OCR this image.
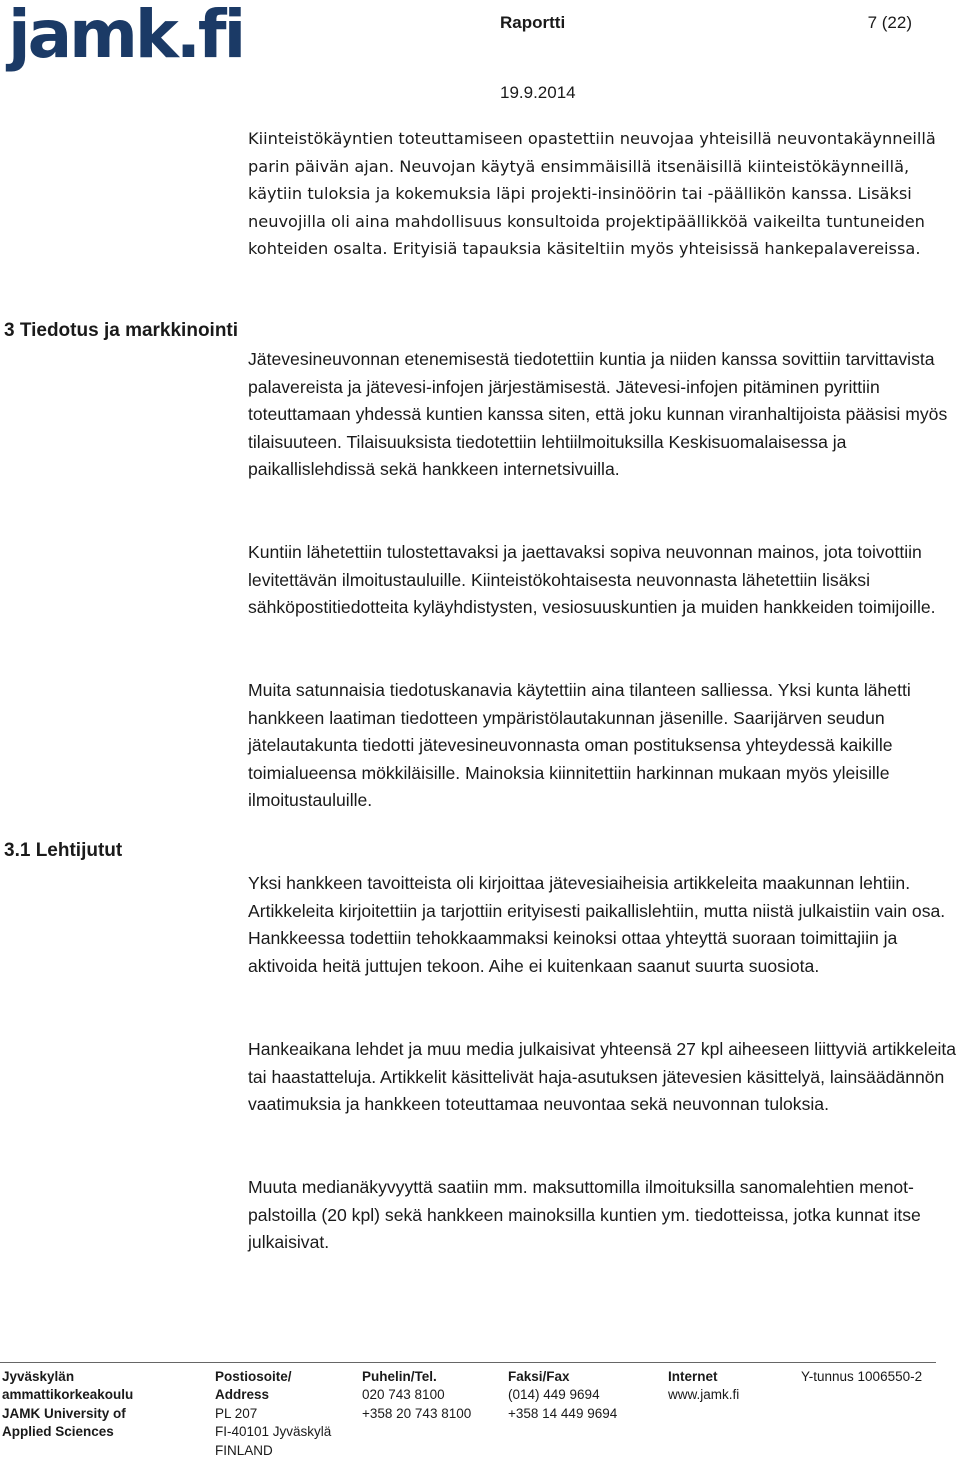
jamk.fi	Raportti	7 (22)
19.9.2014

Kiinteistökäyntien toteuttamiseen opastettiin neuvojaa yhteisillä neuvontakäynneillä parin päivän ajan. Neuvojan käytyä ensimmäisillä itsenäisillä kiinteistökäynneillä, käytiin tuloksia ja kokemuksia läpi projekti-insinöörin tai -päällikön kanssa. Lisäksi neuvojilla oli aina mahdollisuus konsultoida projektipäällikköä vaikeilta tuntuneiden kohteiden osalta. Erityisiä tapauksia käsiteltiin myös yhteisissä hankepalavereissa.

3 Tiedotus ja markkinointi

Jätevesineuvonnan etenemisestä tiedotettiin kuntia ja niiden kanssa sovittiin tarvittavista palavereista ja jätevesi-infojen järjestämisestä. Jätevesi-infojen pitäminen pyrittiin toteuttamaan yhdessä kuntien kanssa siten, että joku kunnan viranhaltijoista pääsisi myös tilaisuuteen. Tilaisuuksista tiedotettiin lehtiilmoituksilla Keskisuomalaisessa ja paikallislehdissä sekä hankkeen internetsivuilla.

Kuntiin lähetettiin tulostettavaksi ja jaettavaksi sopiva neuvonnan mainos, jota toivottiin levitettävän ilmoitustauluille. Kiinteistökohtaisesta neuvonnasta lähetettiin lisäksi sähköpostitiedotteita kyläyhdistysten, vesiosuuskuntien ja muiden hankkeiden toimijoille.

Muita satunnaisia tiedotuskanavia käytettiin aina tilanteen salliessa. Yksi kunta lähetti hankkeen laatiman tiedotteen ympäristölautakunnan jäsenille. Saarijärven seudun jätelautakunta tiedotti jätevesineuvonnasta oman postituksensa yhteydessä kaikille toimialueensa mökkiläisille. Mainoksia kiinnitettiin harkinnan mukaan myös yleisille ilmoitustauluille.

3.1 Lehtijutut

Yksi hankkeen tavoitteista oli kirjoittaa jätevesiaiheisia artikkeleita maakunnan lehtiin. Artikkeleita kirjoitettiin ja tarjottiin erityisesti paikallislehtiin, mutta niistä julkaistiin vain osa. Hankkeessa todettiin tehokkaammaksi keinoksi ottaa yhteyttä suoraan toimittajiin ja aktivoida heitä juttujen tekoon. Aihe ei kuitenkaan saanut suurta suosiota.

Hankeaikana lehdet ja muu media julkaisivat yhteensä 27 kpl aiheeseen liittyviä artikkeleita tai haastatteluja. Artikkelit käsittelivät haja-asutuksen jätevesien käsittelyä, lainsäädännön vaatimuksia ja hankkeen toteuttamaa neuvontaa sekä neuvonnan tuloksia.

Muuta medianäkyvyyttä saatiin mm. maksuttomilla ilmoituksilla sanomalehtien menot-palstoilla (20 kpl) sekä hankkeen mainoksilla kuntien ym. tiedotteissa, jotka kunnat itse julkaisivat.

Jyväskylän
ammattikorkeakoulu
JAMK University of
Applied Sciences
Postiosoite/
Address
PL 207
FI-40101 Jyväskylä
FINLAND
Puhelin/Tel.
020 743 8100
+358 20 743 8100
Faksi/Fax
(014) 449 9694
+358 14 449 9694
Internet
www.jamk.fi
Y-tunnus 1006550-2
